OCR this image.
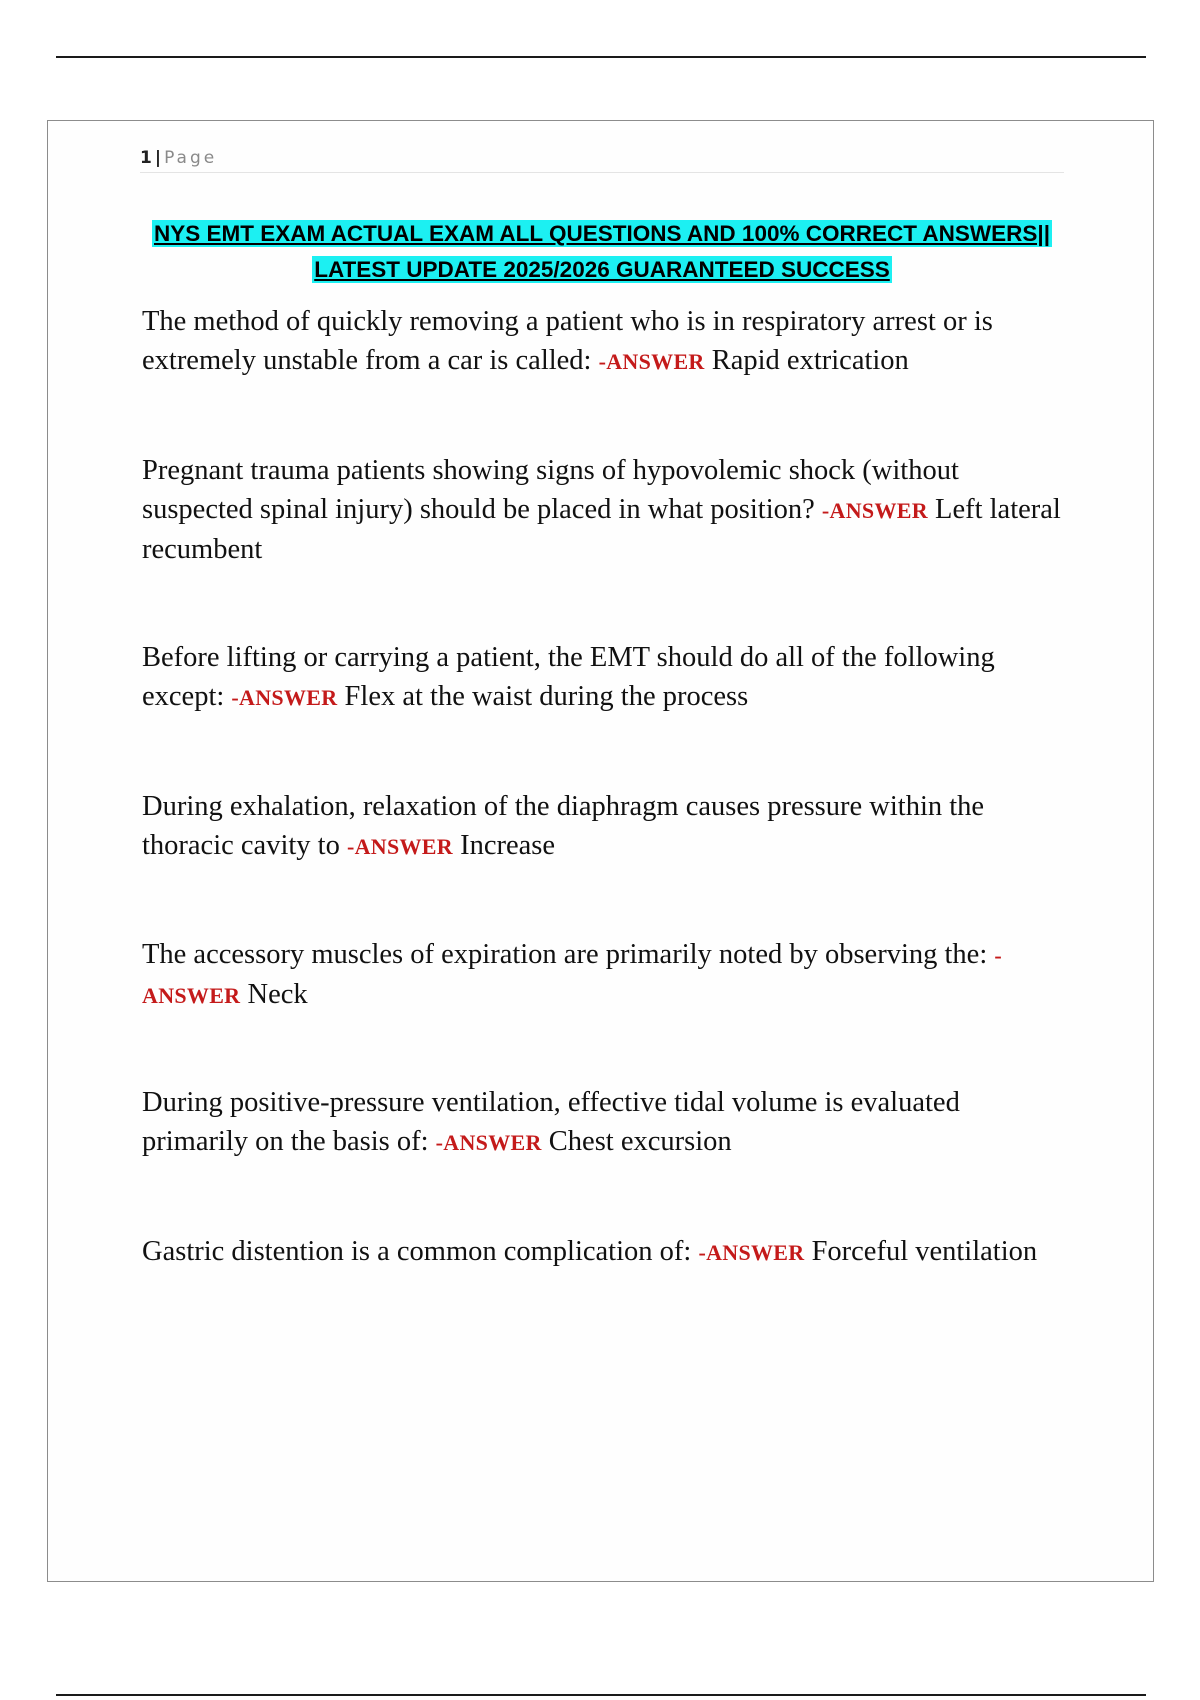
1 | Page
NYS EMT EXAM ACTUAL EXAM ALL QUESTIONS AND 100% CORRECT ANSWERS|| LATEST UPDATE 2025/2026 GUARANTEED SUCCESS

The method of quickly removing a patient who is in respiratory arrest or is extremely unstable from a car is called: -ANSWER Rapid extrication

Pregnant trauma patients showing signs of hypovolemic shock (without suspected spinal injury) should be placed in what position? -ANSWER Left lateral recumbent

Before lifting or carrying a patient, the EMT should do all of the following except: -ANSWER Flex at the waist during the process

During exhalation, relaxation of the diaphragm causes pressure within the thoracic cavity to -ANSWER Increase

The accessory muscles of expiration are primarily noted by observing the: -ANSWER Neck

During positive-pressure ventilation, effective tidal volume is evaluated primarily on the basis of: -ANSWER Chest excursion

Gastric distention is a common complication of: -ANSWER Forceful ventilation
